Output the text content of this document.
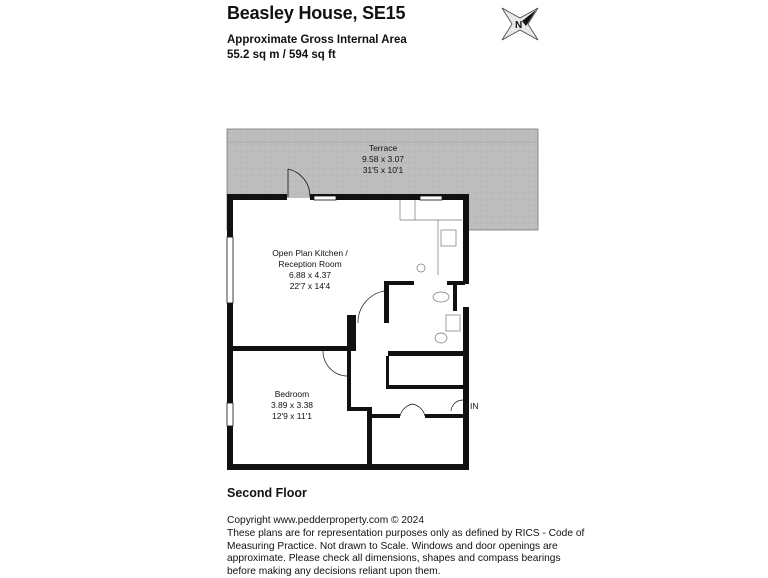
Beasley House, SE15
Approximate Gross Internal Area
55.2 sq m / 594 sq ft
N
Terrace
9.58 x 3.07
31'5 x 10'1
Open Plan Kitchen /
Reception Room
6.88 x 4.37
22'7 x 14'4
Bedroom
3.89 x 3.38
12'9 x 11'1
IN
Second Floor
Copyright www.pedderproperty.com © 2024
These plans are for representation purposes only as defined by RICS - Code of Measuring Practice. Not drawn to Scale. Windows and door openings are approximate. Please check all dimensions, shapes and compass bearings before making any decisions reliant upon them.
